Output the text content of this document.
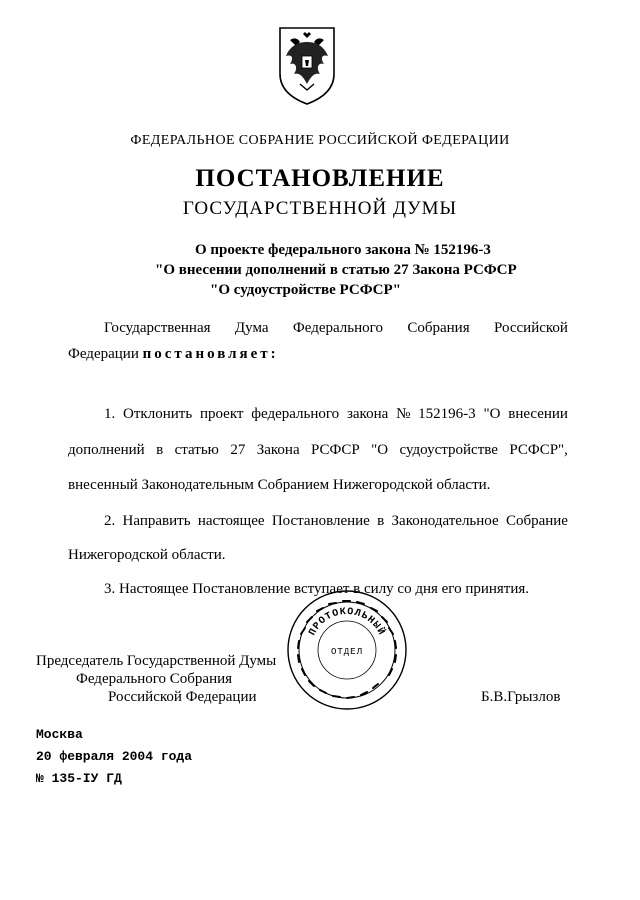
ФЕДЕРАЛЬНОЕ СОБРАНИЕ РОССИЙСКОЙ ФЕДЕРАЦИИ
ПОСТАНОВЛЕНИЕ
ГОСУДАРСТВЕННОЙ ДУМЫ
О проекте федерального закона № 152196-3
"О внесении дополнений в статью 27 Закона РСФСР
"О судоустройстве РСФСР"
Государственная Дума Федерального Собрания Российской
Федерации постановляет:
1. Отклонить проект федерального закона № 152196-3 "О внесении
дополнений в статью 27 Закона РСФСР "О судоустройстве РСФСР",
внесенный Законодательным Собранием Нижегородской области.
2. Направить настоящее Постановление в Законодательное Собрание
Нижегородской области.
3. Настоящее Постановление вступает в силу со дня его принятия.
ПРОТОКОЛЬНЫЙ
ОТДЕЛ
Председатель Государственной Думы
Федерального Собрания
Российской Федерации	Б.В.Грызлов
Москва
20 февраля 2004 года
№ 135-IУ ГД
